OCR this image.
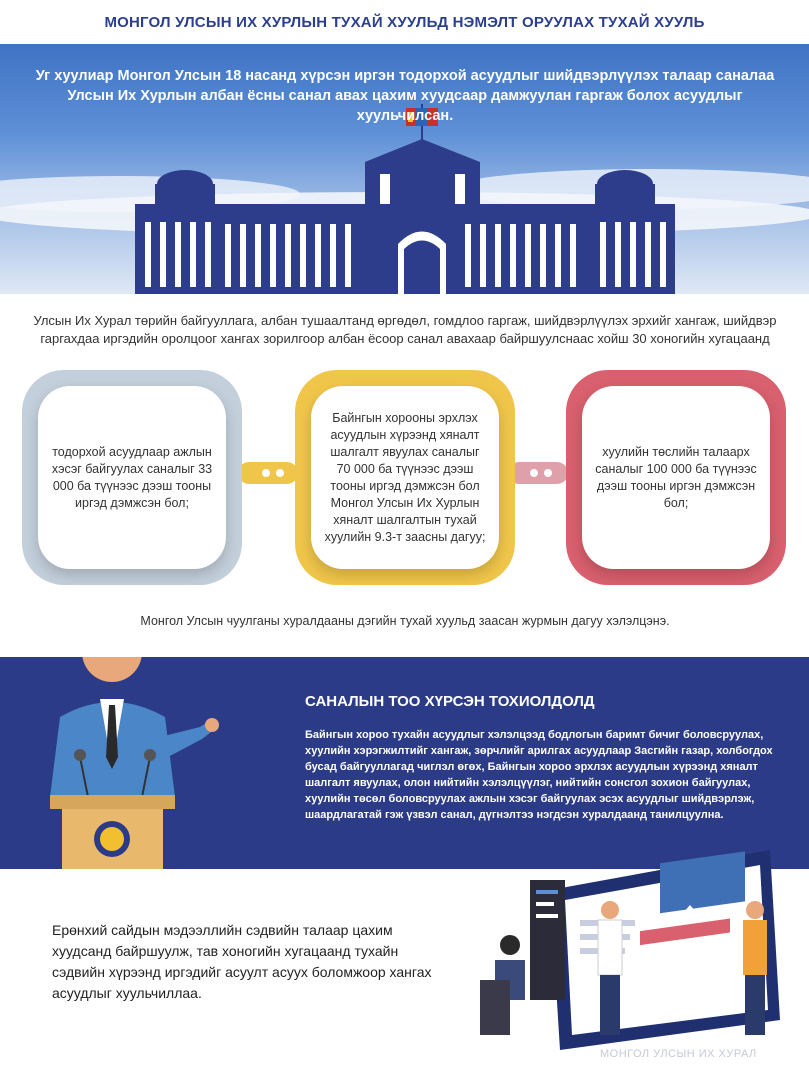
МОНГОЛ УЛСЫН ИХ ХУРЛЫН ТУХАЙ ХУУЛЬД НЭМЭЛТ ОРУУЛАХ ТУХАЙ ХУУЛЬ
Уг хуулиар Монгол Улсын 18 насанд хүрсэн иргэн тодорхой асуудлыг шийдвэрлүүлэх талаар саналаа Улсын Их Хурлын албан ёсны санал авах цахим хуудсаар дамжуулан гаргаж болох асуудлыг хуульчилсан.
Улсын Их Хурал төрийн байгууллага, албан тушаалтанд өргөдөл, гомдлоо гаргаж, шийдвэрлүүлэх эрхийг хангаж, шийдвэр гаргахдаа иргэдийн оролцоог хангах зорилгоор албан ёсоор санал авахаар байршуулснаас хойш 30 хоногийн хугацаанд
тодорхой асуудлаар ажлын хэсэг байгуулах саналыг 33 000 ба түүнээс дээш тооны иргэд дэмжсэн бол;
Байнгын хорооны эрхлэх асуудлын хүрээнд хяналт шалгалт явуулах саналыг 70 000 ба түүнээс дээш тооны иргэд дэмжсэн бол Монгол Улсын Их Хурлын хяналт шалгалтын тухай хуулийн 9.3-т заасны дагуу;
хуулийн төслийн талаарх саналыг 100 000 ба түүнээс дээш тооны иргэн дэмжсэн бол;
Монгол Улсын чуулганы хуралдааны дэгийн тухай хуульд заасан журмын дагуу хэлэлцэнэ.
САНАЛЫН ТОО ХҮРСЭН ТОХИОЛДОЛД
Байнгын хороо тухайн асуудлыг хэлэлцээд бодлогын баримт бичиг боловсруулах, хуулийн хэрэгжилтийг хангаж, зөрчлийг арилгах асуудлаар Засгийн газар, холбогдох бусад байгууллагад чиглэл өгөх, Байнгын хороо эрхлэх асуудлын хүрээнд хяналт шалгалт явуулах, олон нийтийн хэлэлцүүлэг, нийтийн сонсгол зохион байгуулах, хуулийн төсөл боловсруулах ажлын хэсэг байгуулах эсэх асуудлыг шийдвэрлэж, шаардлагатай гэж үзвэл санал, дүгнэлтээ нэгдсэн хуралдаанд танилцуулна.
Ерөнхий сайдын мэдээллийн сэдвийн талаар цахим хуудсанд байршуулж, тав хоногийн хугацаанд тухайн сэдвийн хүрээнд иргэдийг асуулт асуух боломжоор хангах асуудлыг хуульчиллаа.
МОНГОЛ УЛСЫН ИХ ХУРАЛ
